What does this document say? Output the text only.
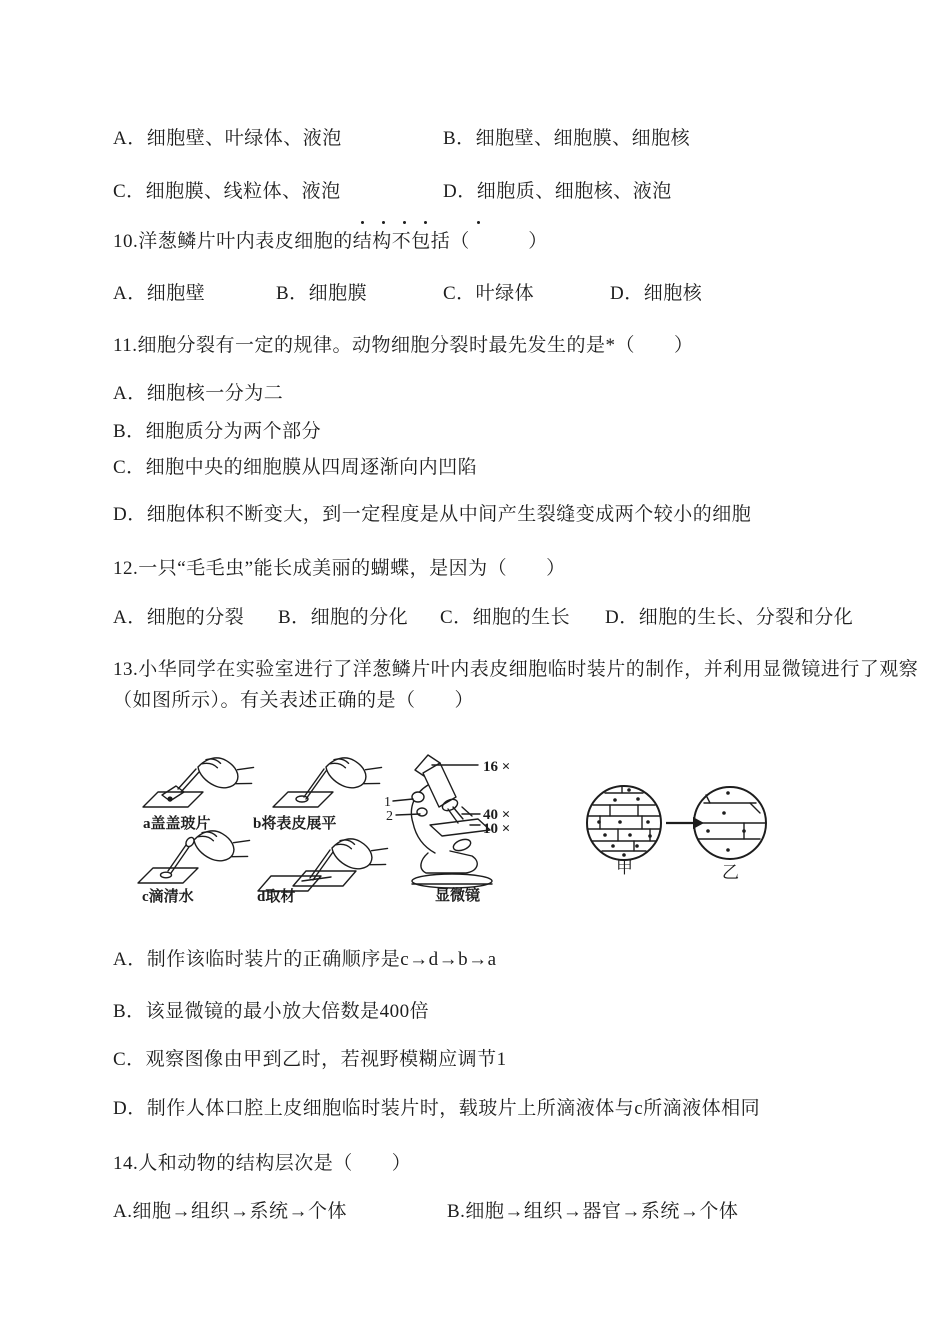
A．细胞壁、叶绿体、液泡	B．细胞壁、细胞膜、细胞核
C．细胞膜、线粒体、液泡	D．细胞质、细胞核、液泡
10.洋葱鳞片叶内表皮细胞的结构不包括（　　　）
A．细胞壁	B．细胞膜	C．叶绿体	D．细胞核
11.细胞分裂有一定的规律。动物细胞分裂时最先发生的是*（　　）
A．细胞核一分为二
B．细胞质分为两个部分
C．细胞中央的细胞膜从四周逐渐向内凹陷
D．细胞体积不断变大，到一定程度是从中间产生裂缝变成两个较小的细胞
12.一只“毛毛虫”能长成美丽的蝴蝶，是因为（　　）
A．细胞的分裂 B．细胞的分化 C．细胞的生长 D．细胞的生长、分裂和分化
13.小华同学在实验室进行了洋葱鳞片叶内表皮细胞临时装片的制作，并利用显微镜进行了观察
（如图所示）。有关表述正确的是（　　）
a盖盖玻片	b将表皮展平
c滴清水	d取材
16 ×
1
2	40 ×
10 ×
显微镜
甲	乙
A．制作该临时装片的正确顺序是c→d→b→a
B．该显微镜的最小放大倍数是400倍
C．观察图像由甲到乙时，若视野模糊应调节1
D．制作人体口腔上皮细胞临时装片时，载玻片上所滴液体与c所滴液体相同
14.人和动物的结构层次是（　　）
A.细胞→组织→系统→个体	B.细胞→组织→器官→系统→个体
